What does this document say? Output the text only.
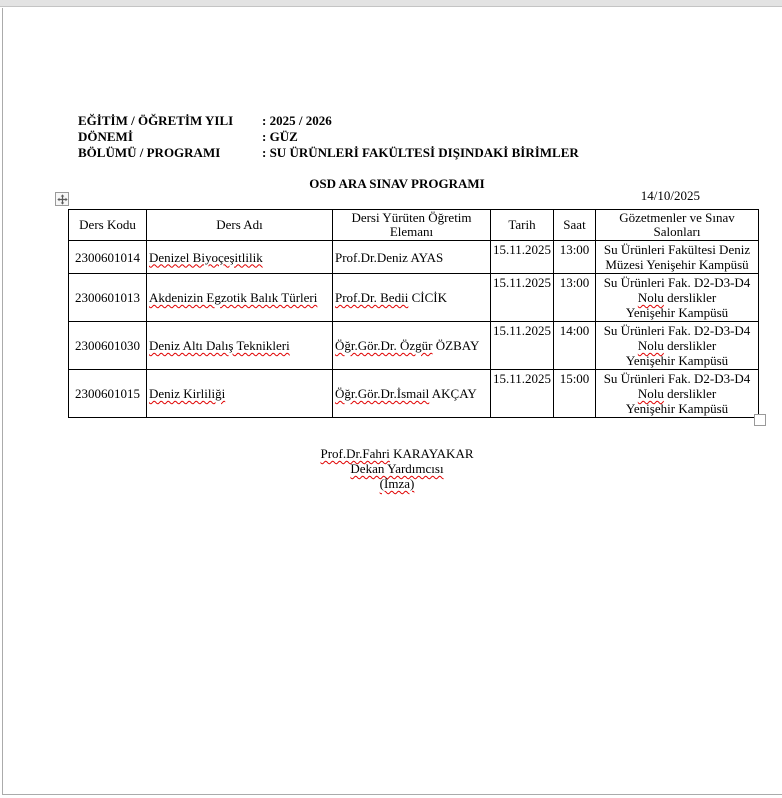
EĞİTİM / ÖĞRETİM YILI	: 2025 / 2026
DÖNEMİ	: GÜZ
BÖLÜMÜ / PROGRAMI	: SU ÜRÜNLERİ FAKÜLTESİ DIŞINDAKİ BİRİMLER
OSD ARA SINAV PROGRAMI
14/10/2025
Ders Kodu	Ders Adı	Dersi Yürüten Öğretim Elemanı	Tarih	Saat	Gözetmenler ve Sınav Salonları
2300601014	Denizel Biyoçeşitlilik	Prof.Dr.Deniz AYAS	15.11.2025	13:00	Su Ürünleri Fakültesi Deniz
Müzesi Yenişehir Kampüsü

2300601013	Akdenizin Egzotik Balık Türleri	Prof.Dr. Bedii CİCİK	15.11.2025	13:00	Su Ürünleri Fak. D2-D3-D4
Nolu derslikler
Yenişehir Kampüsü

2300601030	Deniz Altı Dalış Teknikleri	Öğr.Gör.Dr. Özgür ÖZBAY	15.11.2025	14:00	Su Ürünleri Fak. D2-D3-D4
Nolu derslikler
Yenişehir Kampüsü

2300601015	Deniz Kirliliği	Öğr.Gör.Dr.İsmail AKÇAY	15.11.2025	15:00	Su Ürünleri Fak. D2-D3-D4
Nolu derslikler
Yenişehir Kampüsü
Prof.Dr.Fahri KARAYAKAR
Dekan Yardımcısı
(İmza)
